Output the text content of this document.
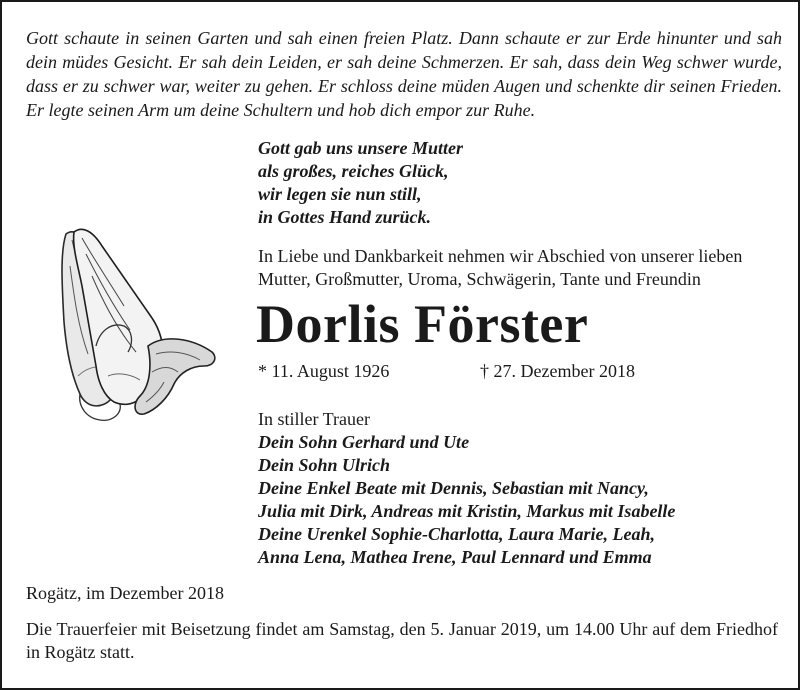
Gott schaute in seinen Garten und sah einen freien Platz. Dann schaute er zur Erde hinunter und sah dein müdes Gesicht. Er sah dein Leiden, er sah deine Schmerzen. Er sah, dass dein Weg schwer wurde, dass er zu schwer war, weiter zu gehen. Er schloss deine müden Augen und schenkte dir seinen Frieden. Er legte seinen Arm um deine Schultern und hob dich empor zur Ruhe.

Gott gab uns unsere Mutter
als großes, reiches Glück,
wir legen sie nun still,
in Gottes Hand zurück.
In Liebe und Dankbarkeit nehmen wir Abschied von unserer lieben
Mutter, Großmutter, Uroma, Schwägerin, Tante und Freundin
Dorlis Förster
* 11. August 1926	† 27. Dezember 2018
In stiller Trauer
Dein Sohn Gerhard und Ute
Dein Sohn Ulrich
Deine Enkel Beate mit Dennis, Sebastian mit Nancy,
Julia mit Dirk, Andreas mit Kristin, Markus mit Isabelle
Deine Urenkel Sophie-Charlotta, Laura Marie, Leah,
Anna Lena, Mathea Irene, Paul Lennard und Emma
Rogätz, im Dezember 2018

Die Trauerfeier mit Beisetzung findet am Samstag, den 5. Januar 2019, um 14.00 Uhr auf dem Friedhof in Rogätz statt.
